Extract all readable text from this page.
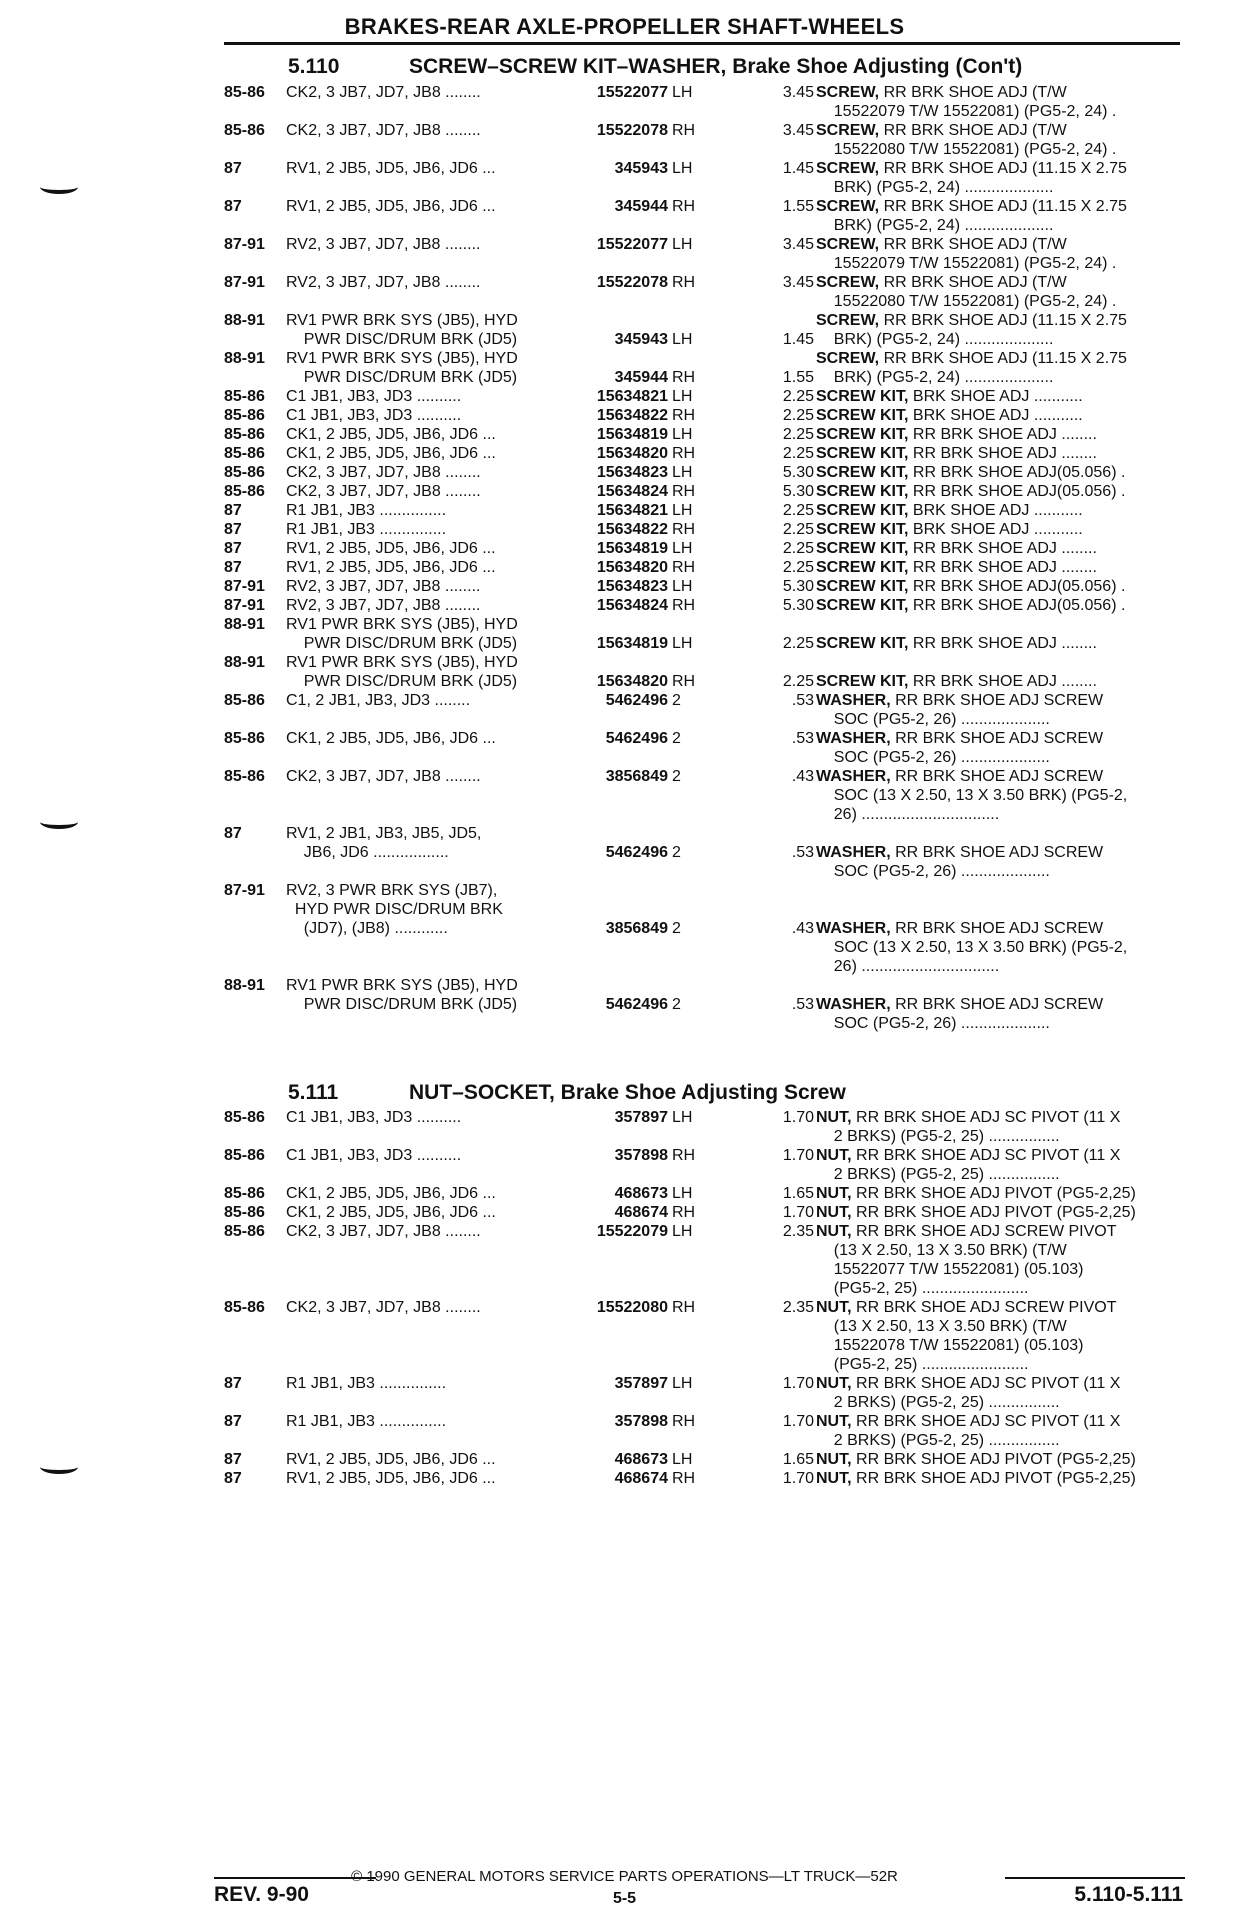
BRAKES-REAR AXLE-PROPELLER SHAFT-WHEELS
5.110	SCREW–SCREW KIT–WASHER, Brake Shoe Adjusting (Con't)
85-86 CK2, 3 JB7, JD7, JB8 ........	15522077 LH	3.45 SCREW, RR BRK SHOE ADJ (T/W
15522079 T/W 15522081) (PG5-2, 24) .
85-86 CK2, 3 JB7, JD7, JB8 ........	15522078 RH	3.45 SCREW, RR BRK SHOE ADJ (T/W
15522080 T/W 15522081) (PG5-2, 24) .
87	RV1, 2 JB5, JD5, JB6, JD6 ...	345943 LH	1.45 SCREW, RR BRK SHOE ADJ (11.15 X 2.75
BRK) (PG5-2, 24) ....................
87	RV1, 2 JB5, JD5, JB6, JD6 ...	345944 RH	1.55 SCREW, RR BRK SHOE ADJ (11.15 X 2.75
BRK) (PG5-2, 24) ....................
87-91 RV2, 3 JB7, JD7, JB8 ........	15522077 LH	3.45 SCREW, RR BRK SHOE ADJ (T/W
15522079 T/W 15522081) (PG5-2, 24) .
87-91 RV2, 3 JB7, JD7, JB8 ........	15522078 RH	3.45 SCREW, RR BRK SHOE ADJ (T/W
15522080 T/W 15522081) (PG5-2, 24) .
88-91 RV1 PWR BRK SYS (JB5), HYD
PWR DISC/DRUM BRK (JD5)	345943 LH	1.45
SCREW, RR BRK SHOE ADJ (11.15 X 2.75
BRK) (PG5-2, 24) ....................
88-91 RV1 PWR BRK SYS (JB5), HYD
PWR DISC/DRUM BRK (JD5)	345944 RH	1.55
SCREW, RR BRK SHOE ADJ (11.15 X 2.75
BRK) (PG5-2, 24) ....................
85-86 C1 JB1, JB3, JD3 ..........	15634821 LH	2.25 SCREW KIT, BRK SHOE ADJ ...........
85-86 C1 JB1, JB3, JD3 ..........	15634822 RH	2.25 SCREW KIT, BRK SHOE ADJ ...........
85-86 CK1, 2 JB5, JD5, JB6, JD6 ...	15634819 LH	2.25 SCREW KIT, RR BRK SHOE ADJ ........
85-86 CK1, 2 JB5, JD5, JB6, JD6 ...	15634820 RH	2.25 SCREW KIT, RR BRK SHOE ADJ ........
85-86 CK2, 3 JB7, JD7, JB8 ........	15634823 LH	5.30 SCREW KIT, RR BRK SHOE ADJ(05.056) .
85-86 CK2, 3 JB7, JD7, JB8 ........	15634824 RH	5.30 SCREW KIT, RR BRK SHOE ADJ(05.056) .
87	R1 JB1, JB3 ...............	15634821 LH	2.25 SCREW KIT, BRK SHOE ADJ ...........
87	R1 JB1, JB3 ...............	15634822 RH	2.25 SCREW KIT, BRK SHOE ADJ ...........
87	RV1, 2 JB5, JD5, JB6, JD6 ...	15634819 LH	2.25 SCREW KIT, RR BRK SHOE ADJ ........
87	RV1, 2 JB5, JD5, JB6, JD6 ...	15634820 RH	2.25 SCREW KIT, RR BRK SHOE ADJ ........
87-91 RV2, 3 JB7, JD7, JB8 ........	15634823 LH	5.30 SCREW KIT, RR BRK SHOE ADJ(05.056) .
87-91 RV2, 3 JB7, JD7, JB8 ........	15634824 RH	5.30 SCREW KIT, RR BRK SHOE ADJ(05.056) .
88-91 RV1 PWR BRK SYS (JB5), HYD
PWR DISC/DRUM BRK (JD5)	15634819 LH	2.25
SCREW KIT, RR BRK SHOE ADJ ........
88-91 RV1 PWR BRK SYS (JB5), HYD
PWR DISC/DRUM BRK (JD5)	15634820 RH	2.25
SCREW KIT, RR BRK SHOE ADJ ........
85-86 C1, 2 JB1, JB3, JD3 ........	5462496 2	.53 WASHER, RR BRK SHOE ADJ SCREW
SOC (PG5-2, 26) ....................
85-86 CK1, 2 JB5, JD5, JB6, JD6 ...	5462496 2	.53 WASHER, RR BRK SHOE ADJ SCREW
SOC (PG5-2, 26) ....................
85-86 CK2, 3 JB7, JD7, JB8 ........	3856849 2	.43 WASHER, RR BRK SHOE ADJ SCREW
SOC (13 X 2.50, 13 X 3.50 BRK) (PG5-2,
26) ...............................
87	RV1, 2 JB1, JB3, JB5, JD5,
JB6, JD6 .................	5462496 2	.53
WASHER, RR BRK SHOE ADJ SCREW
SOC (PG5-2, 26) ....................
87-91 RV2, 3 PWR BRK SYS (JB7),
HYD PWR DISC/DRUM BRK
(JD7), (JB8) ............	3856849 2	.43

WASHER, RR BRK SHOE ADJ SCREW
SOC (13 X 2.50, 13 X 3.50 BRK) (PG5-2,
26) ...............................
88-91 RV1 PWR BRK SYS (JB5), HYD
PWR DISC/DRUM BRK (JD5)	5462496 2	.53
WASHER, RR BRK SHOE ADJ SCREW
SOC (PG5-2, 26) ....................
5.111	NUT–SOCKET, Brake Shoe Adjusting Screw
85-86 C1 JB1, JB3, JD3 ..........	357897 LH	1.70 NUT, RR BRK SHOE ADJ SC PIVOT (11 X
2 BRKS) (PG5-2, 25) ................
85-86 C1 JB1, JB3, JD3 ..........	357898 RH	1.70 NUT, RR BRK SHOE ADJ SC PIVOT (11 X
2 BRKS) (PG5-2, 25) ................
85-86 CK1, 2 JB5, JD5, JB6, JD6 ...	468673 LH	1.65 NUT, RR BRK SHOE ADJ PIVOT (PG5-2,25)
85-86 CK1, 2 JB5, JD5, JB6, JD6 ...	468674 RH	1.70 NUT, RR BRK SHOE ADJ PIVOT (PG5-2,25)
85-86 CK2, 3 JB7, JD7, JB8 ........	15522079 LH	2.35 NUT, RR BRK SHOE ADJ SCREW PIVOT
(13 X 2.50, 13 X 3.50 BRK) (T/W
15522077 T/W 15522081) (05.103)
(PG5-2, 25) ........................
85-86 CK2, 3 JB7, JD7, JB8 ........	15522080 RH	2.35 NUT, RR BRK SHOE ADJ SCREW PIVOT
(13 X 2.50, 13 X 3.50 BRK) (T/W
15522078 T/W 15522081) (05.103)
(PG5-2, 25) ........................
87	R1 JB1, JB3 ...............	357897 LH	1.70 NUT, RR BRK SHOE ADJ SC PIVOT (11 X
2 BRKS) (PG5-2, 25) ................
87	R1 JB1, JB3 ...............	357898 RH	1.70 NUT, RR BRK SHOE ADJ SC PIVOT (11 X
2 BRKS) (PG5-2, 25) ................
87	RV1, 2 JB5, JD5, JB6, JD6 ...	468673 LH	1.65 NUT, RR BRK SHOE ADJ PIVOT (PG5-2,25)
87	RV1, 2 JB5, JD5, JB6, JD6 ...	468674 RH	1.70 NUT, RR BRK SHOE ADJ PIVOT (PG5-2,25)
© 1990 GENERAL MOTORS SERVICE PARTS OPERATIONS—LT TRUCK—52R
REV. 9-90	5-5	5.110-5.111
